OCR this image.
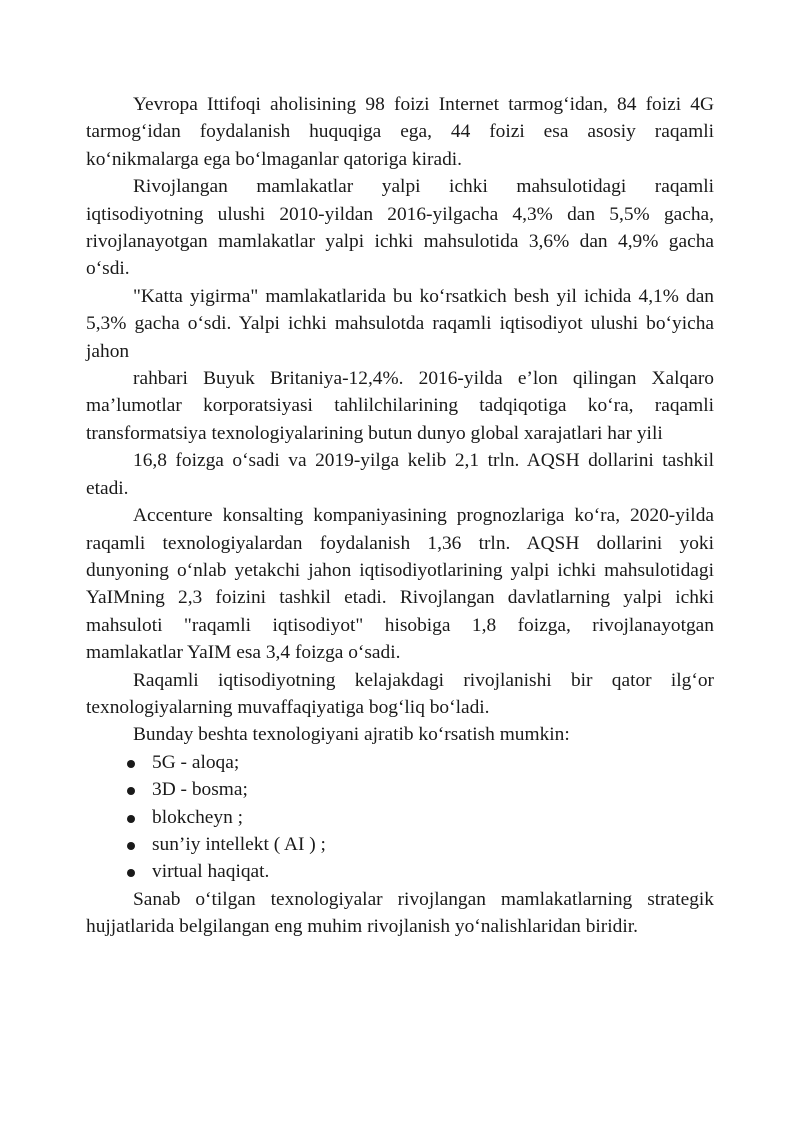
Yevropa Ittifoqi aholisining 98 foizi Internet tarmog‘idan, 84 foizi 4G tarmog‘idan foydalanish huquqiga ega, 44 foizi esa asosiy raqamli ko‘nikmalarga ega bo‘lmaganlar qatoriga kiradi.

Rivojlangan mamlakatlar yalpi ichki mahsulotidagi raqamli iqtisodiyotning ulushi 2010-yildan 2016-yilgacha 4,3% dan 5,5% gacha, rivojlanayotgan mamlakatlar yalpi ichki mahsulotida 3,6% dan 4,9% gacha o‘sdi.

"Katta yigirma" mamlakatlarida bu ko‘rsatkich besh yil ichida 4,1% dan 5,3% gacha o‘sdi. Yalpi ichki mahsulotda raqamli iqtisodiyot ulushi bo‘yicha jahon

rahbari Buyuk Britaniya-12,4%. 2016-yilda e’lon qilingan Xalqaro ma’lumotlar korporatsiyasi tahlilchilarining tadqiqotiga ko‘ra, raqamli transformatsiya texnologiyalarining butun dunyo global xarajatlari har yili

16,8 foizga o‘sadi va 2019-yilga kelib 2,1 trln. AQSH dollarini tashkil etadi.

Accenture konsalting kompaniyasining prognozlariga ko‘ra, 2020-yilda raqamli texnologiyalardan foydalanish 1,36 trln. AQSH dollarini yoki dunyoning o‘nlab yetakchi jahon iqtisodiyotlarining yalpi ichki mahsulotidagi YaIMning 2,3 foizini tashkil etadi. Rivojlangan davlatlarning yalpi ichki mahsuloti "raqamli iqtisodiyot" hisobiga 1,8 foizga, rivojlanayotgan mamlakatlar YaIM esa 3,4 foizga o‘sadi.

Raqamli iqtisodiyotning kelajakdagi rivojlanishi bir qator ilg‘or texnologiyalarning muvaffaqiyatiga bog‘liq bo‘ladi.

Bunday beshta texnologiyani ajratib ko‘rsatish mumkin:

5G - aloqa;
3D - bosma;
blokcheyn ;
sun’iy intellekt ( AI ) ;
virtual haqiqat.

Sanab o‘tilgan texnologiyalar rivojlangan mamlakatlarning strategik hujjatlarida belgilangan eng muhim rivojlanish yo‘nalishlaridan biridir.
